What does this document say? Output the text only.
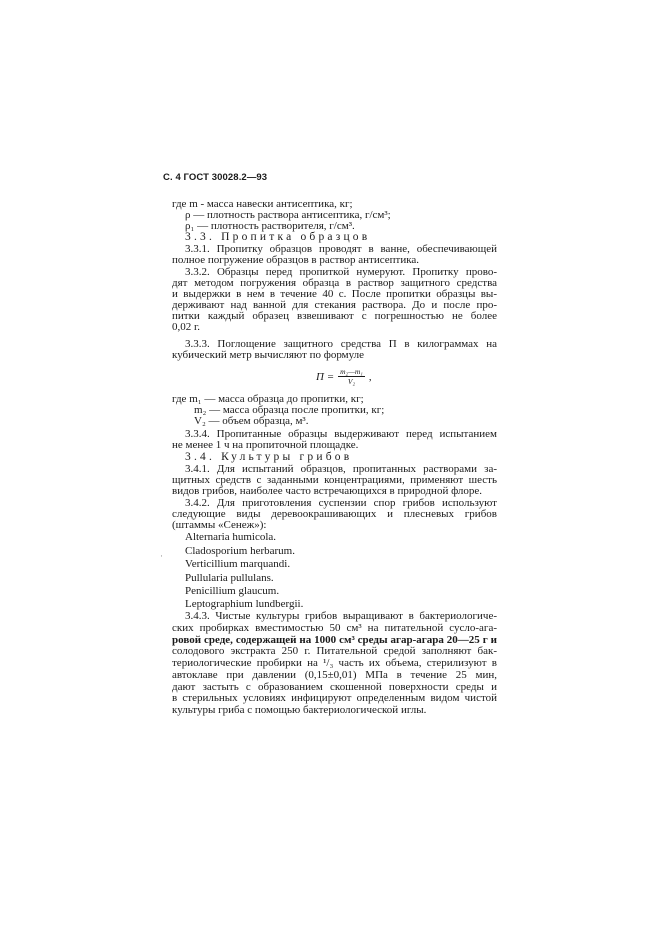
С. 4 ГОСТ 30028.2—93
где m - масса навески антисептика, кг;
ρ — плотность раствора антисептика, г/см³;
ρ₁ — плотность растворителя, г/см³.
3.3. Пропитка образцов
3.3.1. Пропитку образцов проводят в ванне, обеспечивающей
полное погружение образцов в раствор антисептика.
3.3.2. Образцы перед пропиткой нумеруют. Пропитку прово-
дят методом погружения образца в раствор защитного средства
и выдержки в нем в течение 40 с. После пропитки образцы вы-
держивают над ванной для стекания раствора. До и после про-
питки каждый образец взвешивают с погрешностью не более
0,02 г.
3.3.3. Поглощение защитного средства П в килограммах на
кубический метр вычисляют по формуле
$П = \frac{\text{m₂—m₁}}{\text{V₂}}$ ,
где m₁ — масса образца до пропитки, кг;
m₂ — масса образца после пропитки, кг;
V₂ — объем образца, м³.
3.3.4. Пропитанные образцы выдерживают перед испытанием
не менее 1 ч на пропиточной площадке.
3.4. Культуры грибов
3.4.1. Для испытаний образцов, пропитанных растворами за-
щитных средств с заданными концентрациями, применяют шесть
видов грибов, наиболее часто встречающихся в природной флоре.
3.4.2. Для приготовления суспензии спор грибов используют
следующие виды деревоокрашивающих и плесневых грибов
(штаммы «Сенеж»):
Alternaria humicola.
· Cladosporium herbarum.
Verticillium marquandi.
Pullularia pullulans.
Penicillium glaucum.
Leptographium lundbergii.
3.4.3. Чистые культуры грибов выращивают в бактериологиче-
ских пробирках вместимостью 50 см³ на питательной сусло-ага-
ровой среде, содержащей на 1000 см³ среды агар-агара 20—25 г и
солодового экстракта 250 г. Питательной средой заполняют бак-
териологические пробирки на ¹/₃ часть их объема, стерилизуют в
автоклаве при давлении (0,15±0,01) МПа в течение 25 мин,
дают застыть с образованием скошенной поверхности среды и
в стерильных условиях инфицируют определенным видом чистой
культуры гриба с помощью бактериологической иглы.
